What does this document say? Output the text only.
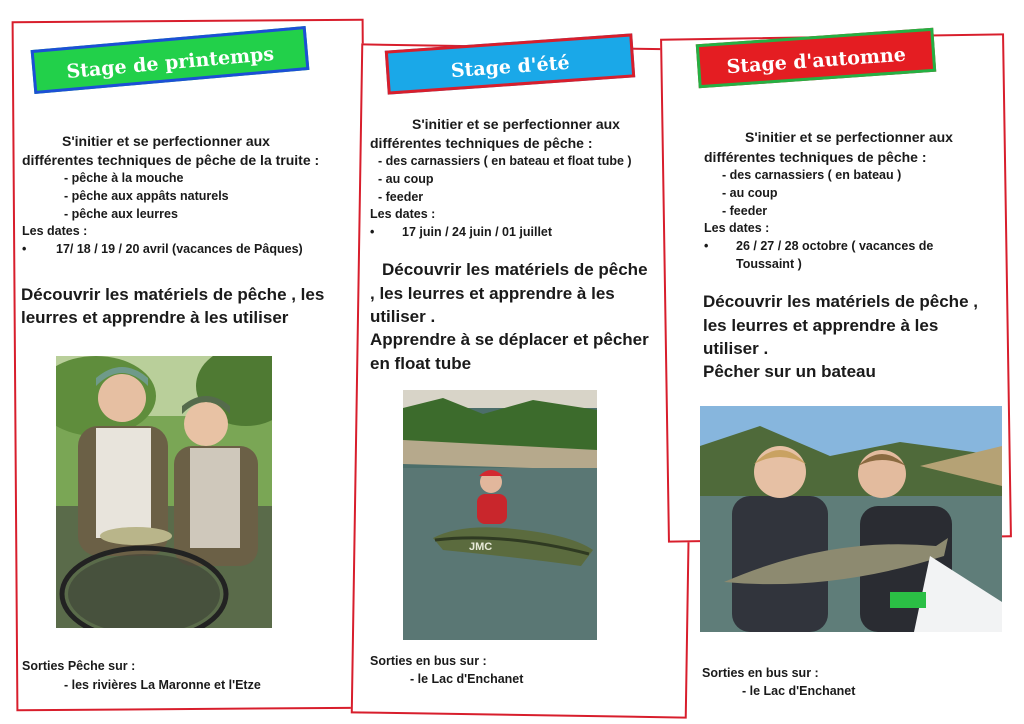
Stage de printemps	Stage d'été	Stage d'automne
S'initier et se perfectionner aux
différentes techniques de pêche de la truite :
- pêche à la mouche
- pêche aux appâts naturels
- pêche aux leurres
Les dates :
• 17/ 18 / 19 / 20 avril (vacances de Pâques)
Découvrir les matériels de pêche , les
leurres et apprendre à les utiliser
Sorties Pêche sur :
- les rivières La Maronne et l'Etze
S'initier et se perfectionner aux
différentes techniques de pêche :
- des carnassiers ( en bateau et float tube )
- au coup
- feeder
Les dates :
• 17 juin / 24 juin / 01 juillet
Découvrir les matériels de pêche
, les leurres et apprendre à les
utiliser .
Apprendre à se déplacer et pêcher
en float tube
Sorties en bus sur :
- le Lac d'Enchanet
S'initier et se perfectionner aux
différentes techniques de pêche :
- des carnassiers ( en bateau )
- au coup
- feeder
Les dates :
• 26 / 27 / 28 octobre ( vacances de
Toussaint )
Découvrir les matériels de pêche ,
les leurres et apprendre à les
utiliser .
Pêcher sur un bateau
Sorties en bus sur :
- le Lac d'Enchanet
JMC
